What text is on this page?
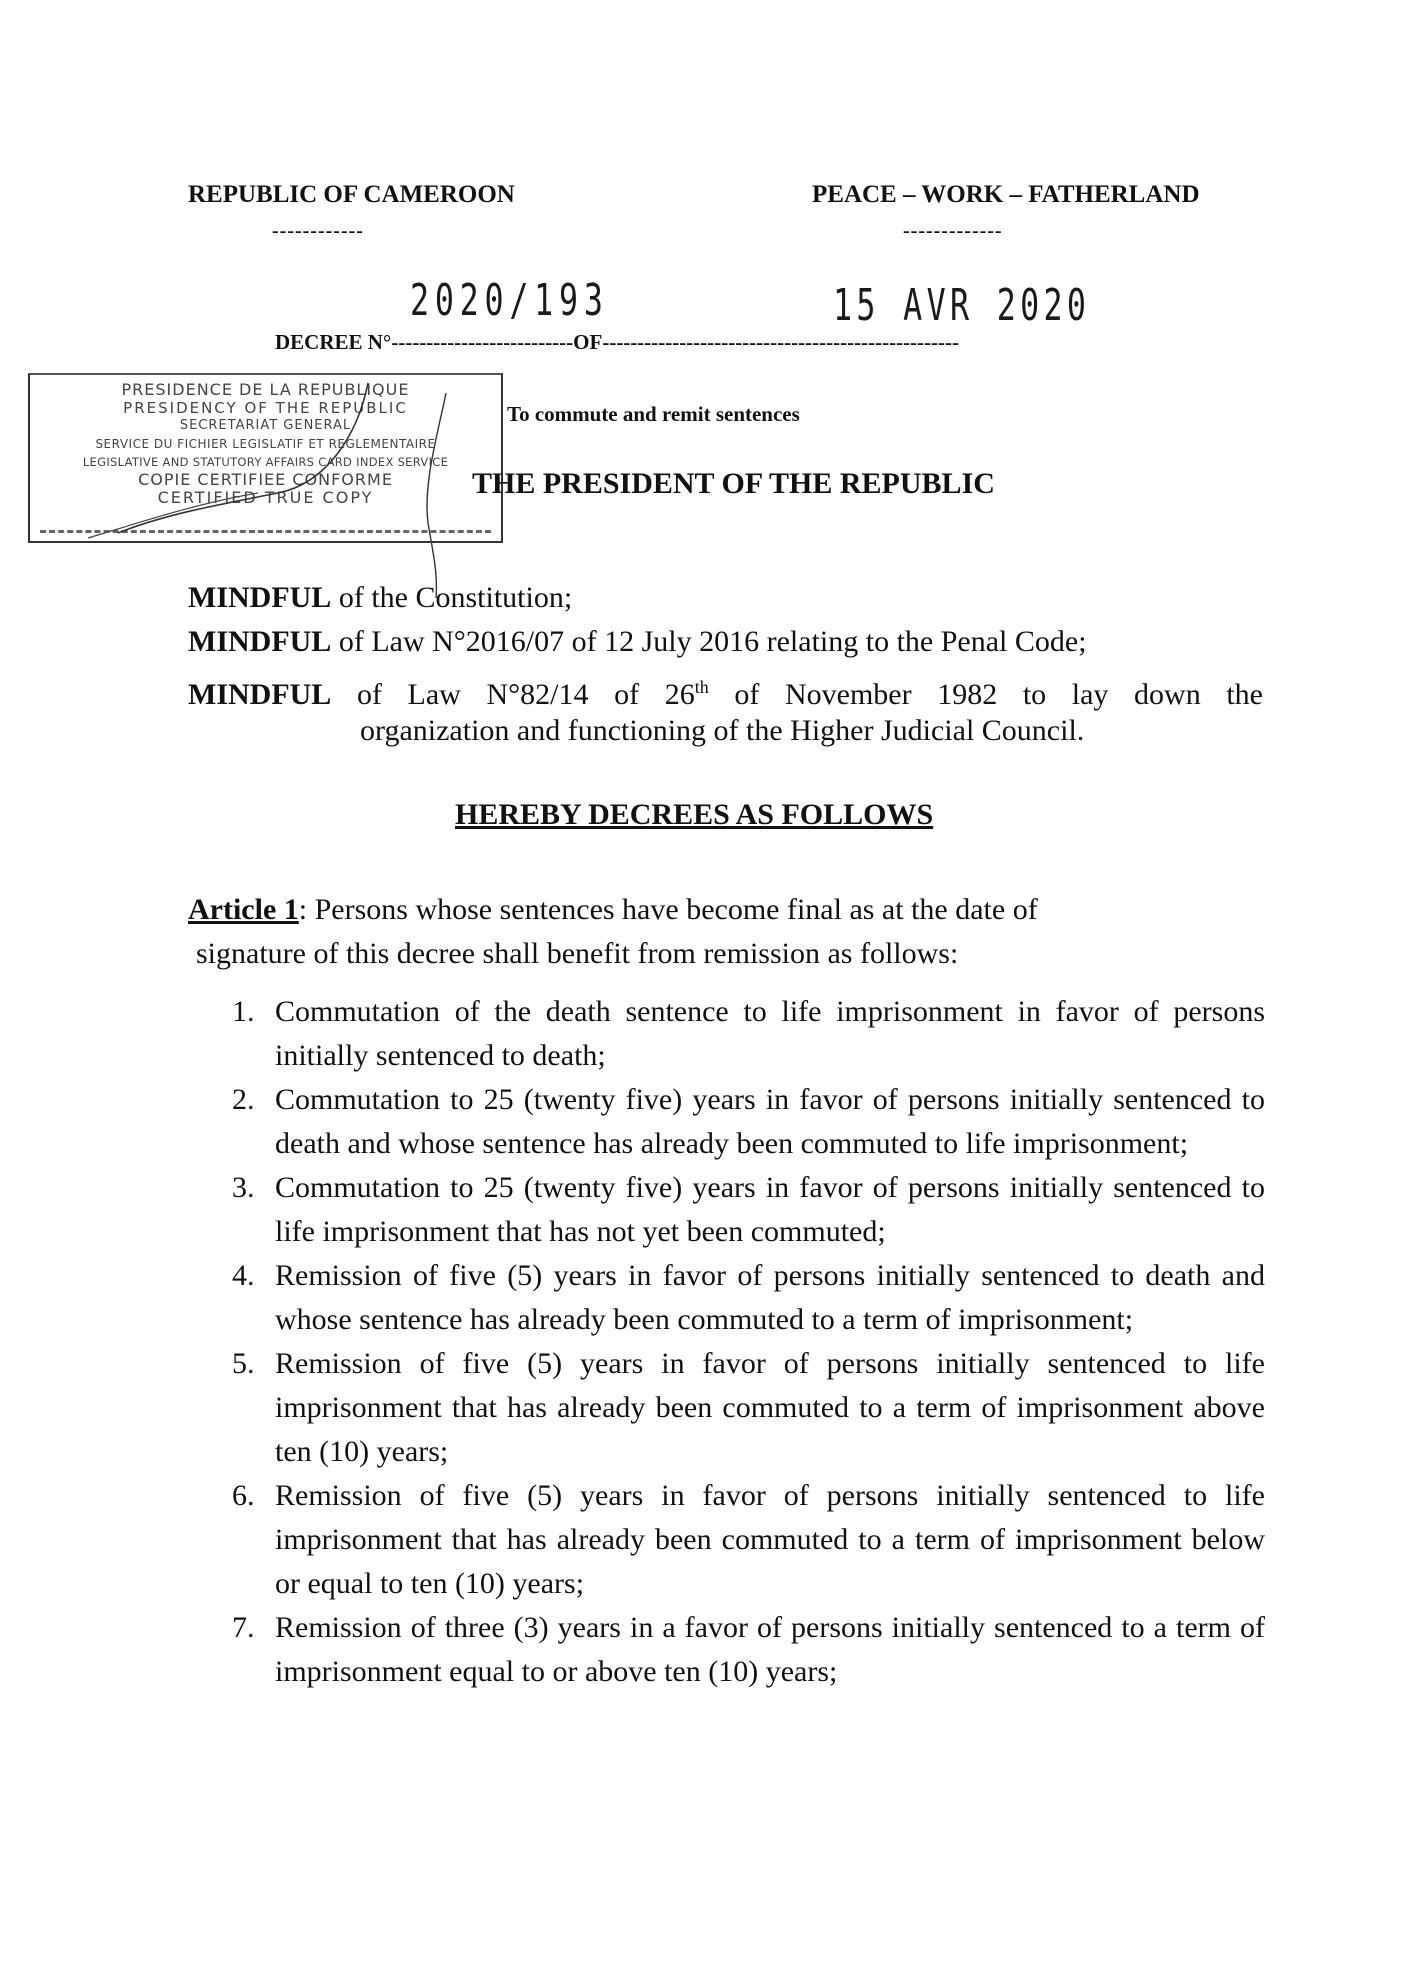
REPUBLIC OF CAMEROON	PEACE – WORK – FATHERLAND
------------	-------------
2020/193	15 AVR 2020
DECREE N°--------------------------OF---------------------------------------------------
PRESIDENCE DE LA REPUBLIQUE
PRESIDENCY OF THE REPUBLIC
SECRETARIAT GENERAL
SERVICE DU FICHIER LEGISLATIF ET REGLEMENTAIRE
LEGISLATIVE AND STATUTORY AFFAIRS CARD INDEX SERVICE
COPIE CERTIFIEE CONFORME
CERTIFIED TRUE COPY
To commute and remit sentences
THE PRESIDENT OF THE REPUBLIC
MINDFUL of the Constitution;
MINDFUL of Law N°2016/07 of 12 July 2016 relating to the Penal Code;
MINDFUL of Law N°82/14 of 26th of November 1982 to lay down the
organization and functioning of the Higher Judicial Council.
HEREBY DECREES AS FOLLOWS
Article 1: Persons whose sentences have become final as at the date of
signature of this decree shall benefit from remission as follows:
1. Commutation of the death sentence to life imprisonment in favor of persons initially sentenced to death;
2. Commutation to 25 (twenty five) years in favor of persons initially sentenced to death and whose sentence has already been commuted to life imprisonment;
3. Commutation to 25 (twenty five) years in favor of persons initially sentenced to life imprisonment that has not yet been commuted;
4. Remission of five (5) years in favor of persons initially sentenced to death and whose sentence has already been commuted to a term of imprisonment;
5. Remission of five (5) years in favor of persons initially sentenced to life imprisonment that has already been commuted to a term of imprisonment above ten (10) years;
6. Remission of five (5) years in favor of persons initially sentenced to life imprisonment that has already been commuted to a term of imprisonment below or equal to ten (10) years;
7. Remission of three (3) years in a favor of persons initially sentenced to a term of imprisonment equal to or above ten (10) years;
